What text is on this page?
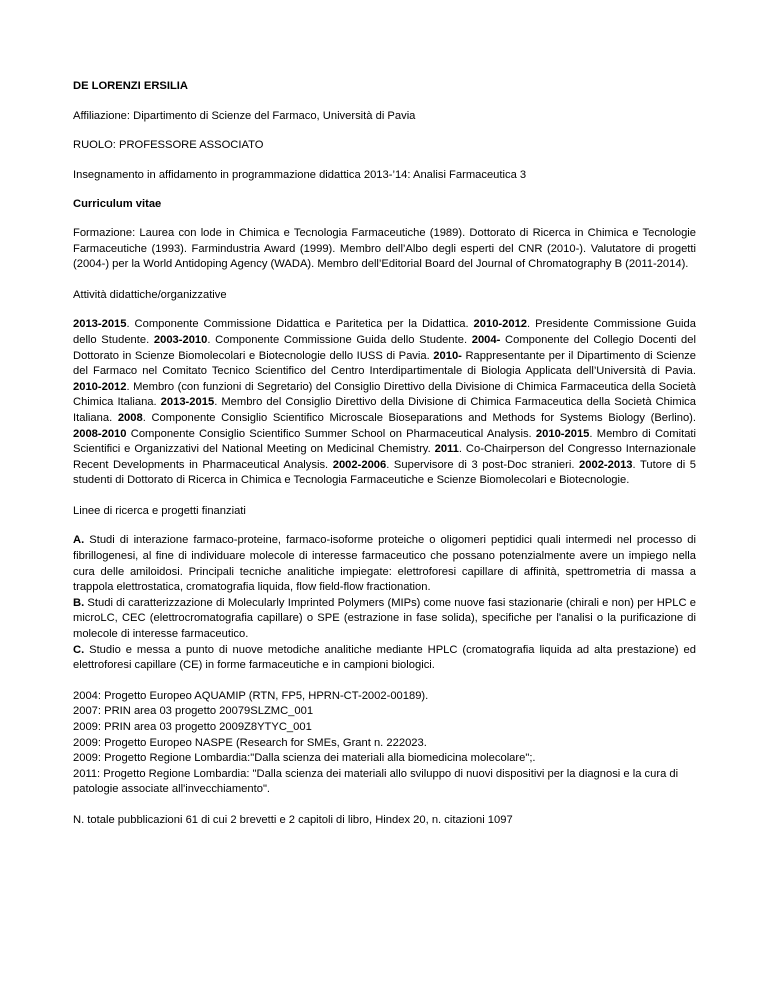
DE LORENZI ERSILIA

Affiliazione: Dipartimento di Scienze del Farmaco, Università di Pavia

RUOLO: PROFESSORE ASSOCIATO

Insegnamento in affidamento in programmazione didattica 2013-’14: Analisi Farmaceutica 3

Curriculum vitae

Formazione: Laurea con lode in Chimica e Tecnologia Farmaceutiche (1989). Dottorato di Ricerca in Chimica e Tecnologie Farmaceutiche (1993). Farmindustria Award (1999). Membro dell’Albo degli esperti del CNR (2010-). Valutatore di progetti (2004-) per la World Antidoping Agency (WADA). Membro dell’Editorial Board del Journal of Chromatography B (2011-2014).

Attività didattiche/organizzative

2013-2015. Componente Commissione Didattica e Paritetica per la Didattica. 2010-2012. Presidente Commissione Guida dello Studente. 2003-2010. Componente Commissione Guida dello Studente. 2004- Componente del Collegio Docenti del Dottorato in Scienze Biomolecolari e Biotecnologie dello IUSS di Pavia. 2010- Rappresentante per il Dipartimento di Scienze del Farmaco nel Comitato Tecnico Scientifico del Centro Interdipartimentale di Biologia Applicata dell’Università di Pavia. 2010-2012. Membro (con funzioni di Segretario) del Consiglio Direttivo della Divisione di Chimica Farmaceutica della Società Chimica Italiana. 2013-2015. Membro del Consiglio Direttivo della Divisione di Chimica Farmaceutica della Società Chimica Italiana. 2008. Componente Consiglio Scientifico Microscale Bioseparations and Methods for Systems Biology (Berlino). 2008-2010 Componente Consiglio Scientifico Summer School on Pharmaceutical Analysis. 2010-2015. Membro di Comitati Scientifici e Organizzativi del National Meeting on Medicinal Chemistry. 2011. Co-Chairperson del Congresso Internazionale Recent Developments in Pharmaceutical Analysis. 2002-2006. Supervisore di 3 post-Doc stranieri. 2002-2013. Tutore di 5 studenti di Dottorato di Ricerca in Chimica e Tecnologia Farmaceutiche e Scienze Biomolecolari e Biotecnologie.

Linee di ricerca e progetti finanziati

A. Studi di interazione farmaco-proteine, farmaco-isoforme proteiche o oligomeri peptidici quali intermedi nel processo di fibrillogenesi, al fine di individuare molecole di interesse farmaceutico che possano potenzialmente avere un impiego nella cura delle amiloidosi. Principali tecniche analitiche impiegate: elettroforesi capillare di affinità, spettrometria di massa a trappola elettrostatica, cromatografia liquida, flow field-flow fractionation.

B. Studi di caratterizzazione di Molecularly Imprinted Polymers (MIPs) come nuove fasi stazionarie (chirali e non) per HPLC e microLC, CEC (elettrocromatografia capillare) o SPE (estrazione in fase solida), specifiche per l'analisi o la purificazione di molecole di interesse farmaceutico.

C. Studio e messa a punto di nuove metodiche analitiche mediante HPLC (cromatografia liquida ad alta prestazione) ed elettroforesi capillare (CE) in forme farmaceutiche e in campioni biologici.

2004: Progetto Europeo AQUAMIP (RTN, FP5, HPRN-CT-2002-00189).

2007: PRIN area 03 progetto 20079SLZMC_001

2009: PRIN area 03 progetto 2009Z8YTYC_001

2009: Progetto Europeo NASPE (Research for SMEs, Grant n. 222023.

2009: Progetto Regione Lombardia:"Dalla scienza dei materiali alla biomedicina molecolare";.

2011: Progetto Regione Lombardia: "Dalla scienza dei materiali allo sviluppo di nuovi dispositivi per la diagnosi e la cura di patologie associate all'invecchiamento".

N. totale pubblicazioni 61 di cui 2 brevetti e 2 capitoli di libro, Hindex 20, n. citazioni 1097
